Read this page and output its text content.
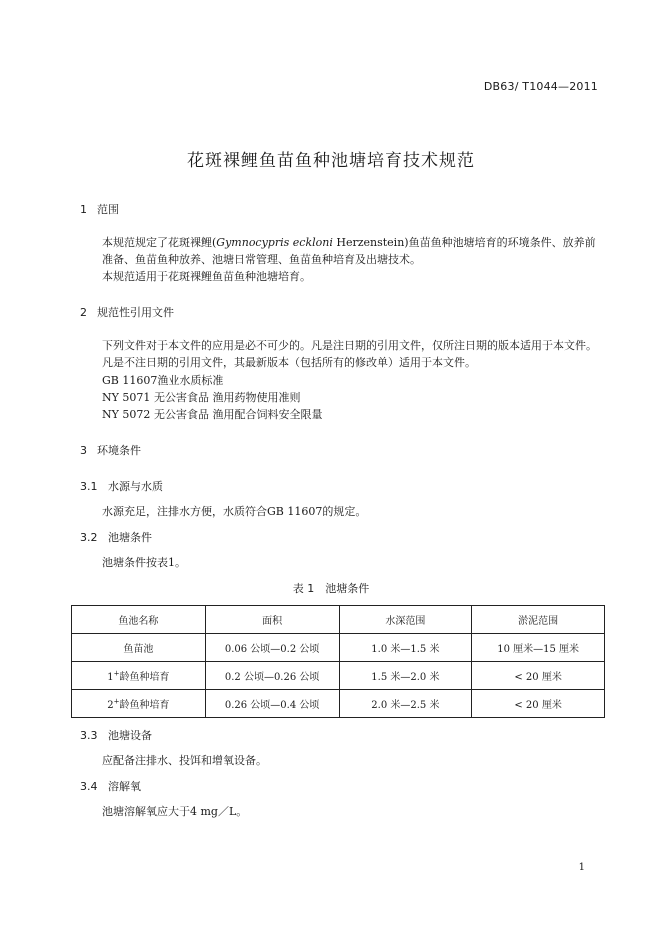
DB63/ T1044—2011
花斑裸鲤鱼苗鱼种池塘培育技术规范
1 范围
本规范规定了花斑裸鲤(Gymnocypris eckloni Herzenstein)鱼苗鱼种池塘培育的环境条件、放养前准备、鱼苗鱼种放养、池塘日常管理、鱼苗鱼种培育及出塘技术。
本规范适用于花斑裸鲤鱼苗鱼种池塘培育。
2 规范性引用文件
下列文件对于本文件的应用是必不可少的。凡是注日期的引用文件，仅所注日期的版本适用于本文件。凡是不注日期的引用文件，其最新版本（包括所有的修改单）适用于本文件。
GB 11607渔业水质标准
NY 5071 无公害食品 渔用药物使用准则
NY 5072 无公害食品 渔用配合饲料安全限量
3 环境条件
3.1 水源与水质
水源充足，注排水方便，水质符合GB 11607的规定。
3.2 池塘条件
池塘条件按表1。
表 1　池塘条件
鱼池名称	面积	水深范围	淤泥范围
鱼苗池	0.06 公顷—0.2 公顷	1.0 米—1.5 米	10 厘米—15 厘米
1+龄鱼种培育	0.2 公顷—0.26 公顷	1.5 米—2.0 米	< 20 厘米
2+龄鱼种培育	0.26 公顷—0.4 公顷	2.0 米—2.5 米	< 20 厘米
3.3 池塘设备
应配备注排水、投饵和增氧设备。
3.4 溶解氧
池塘溶解氧应大于4 mg／L。
1
